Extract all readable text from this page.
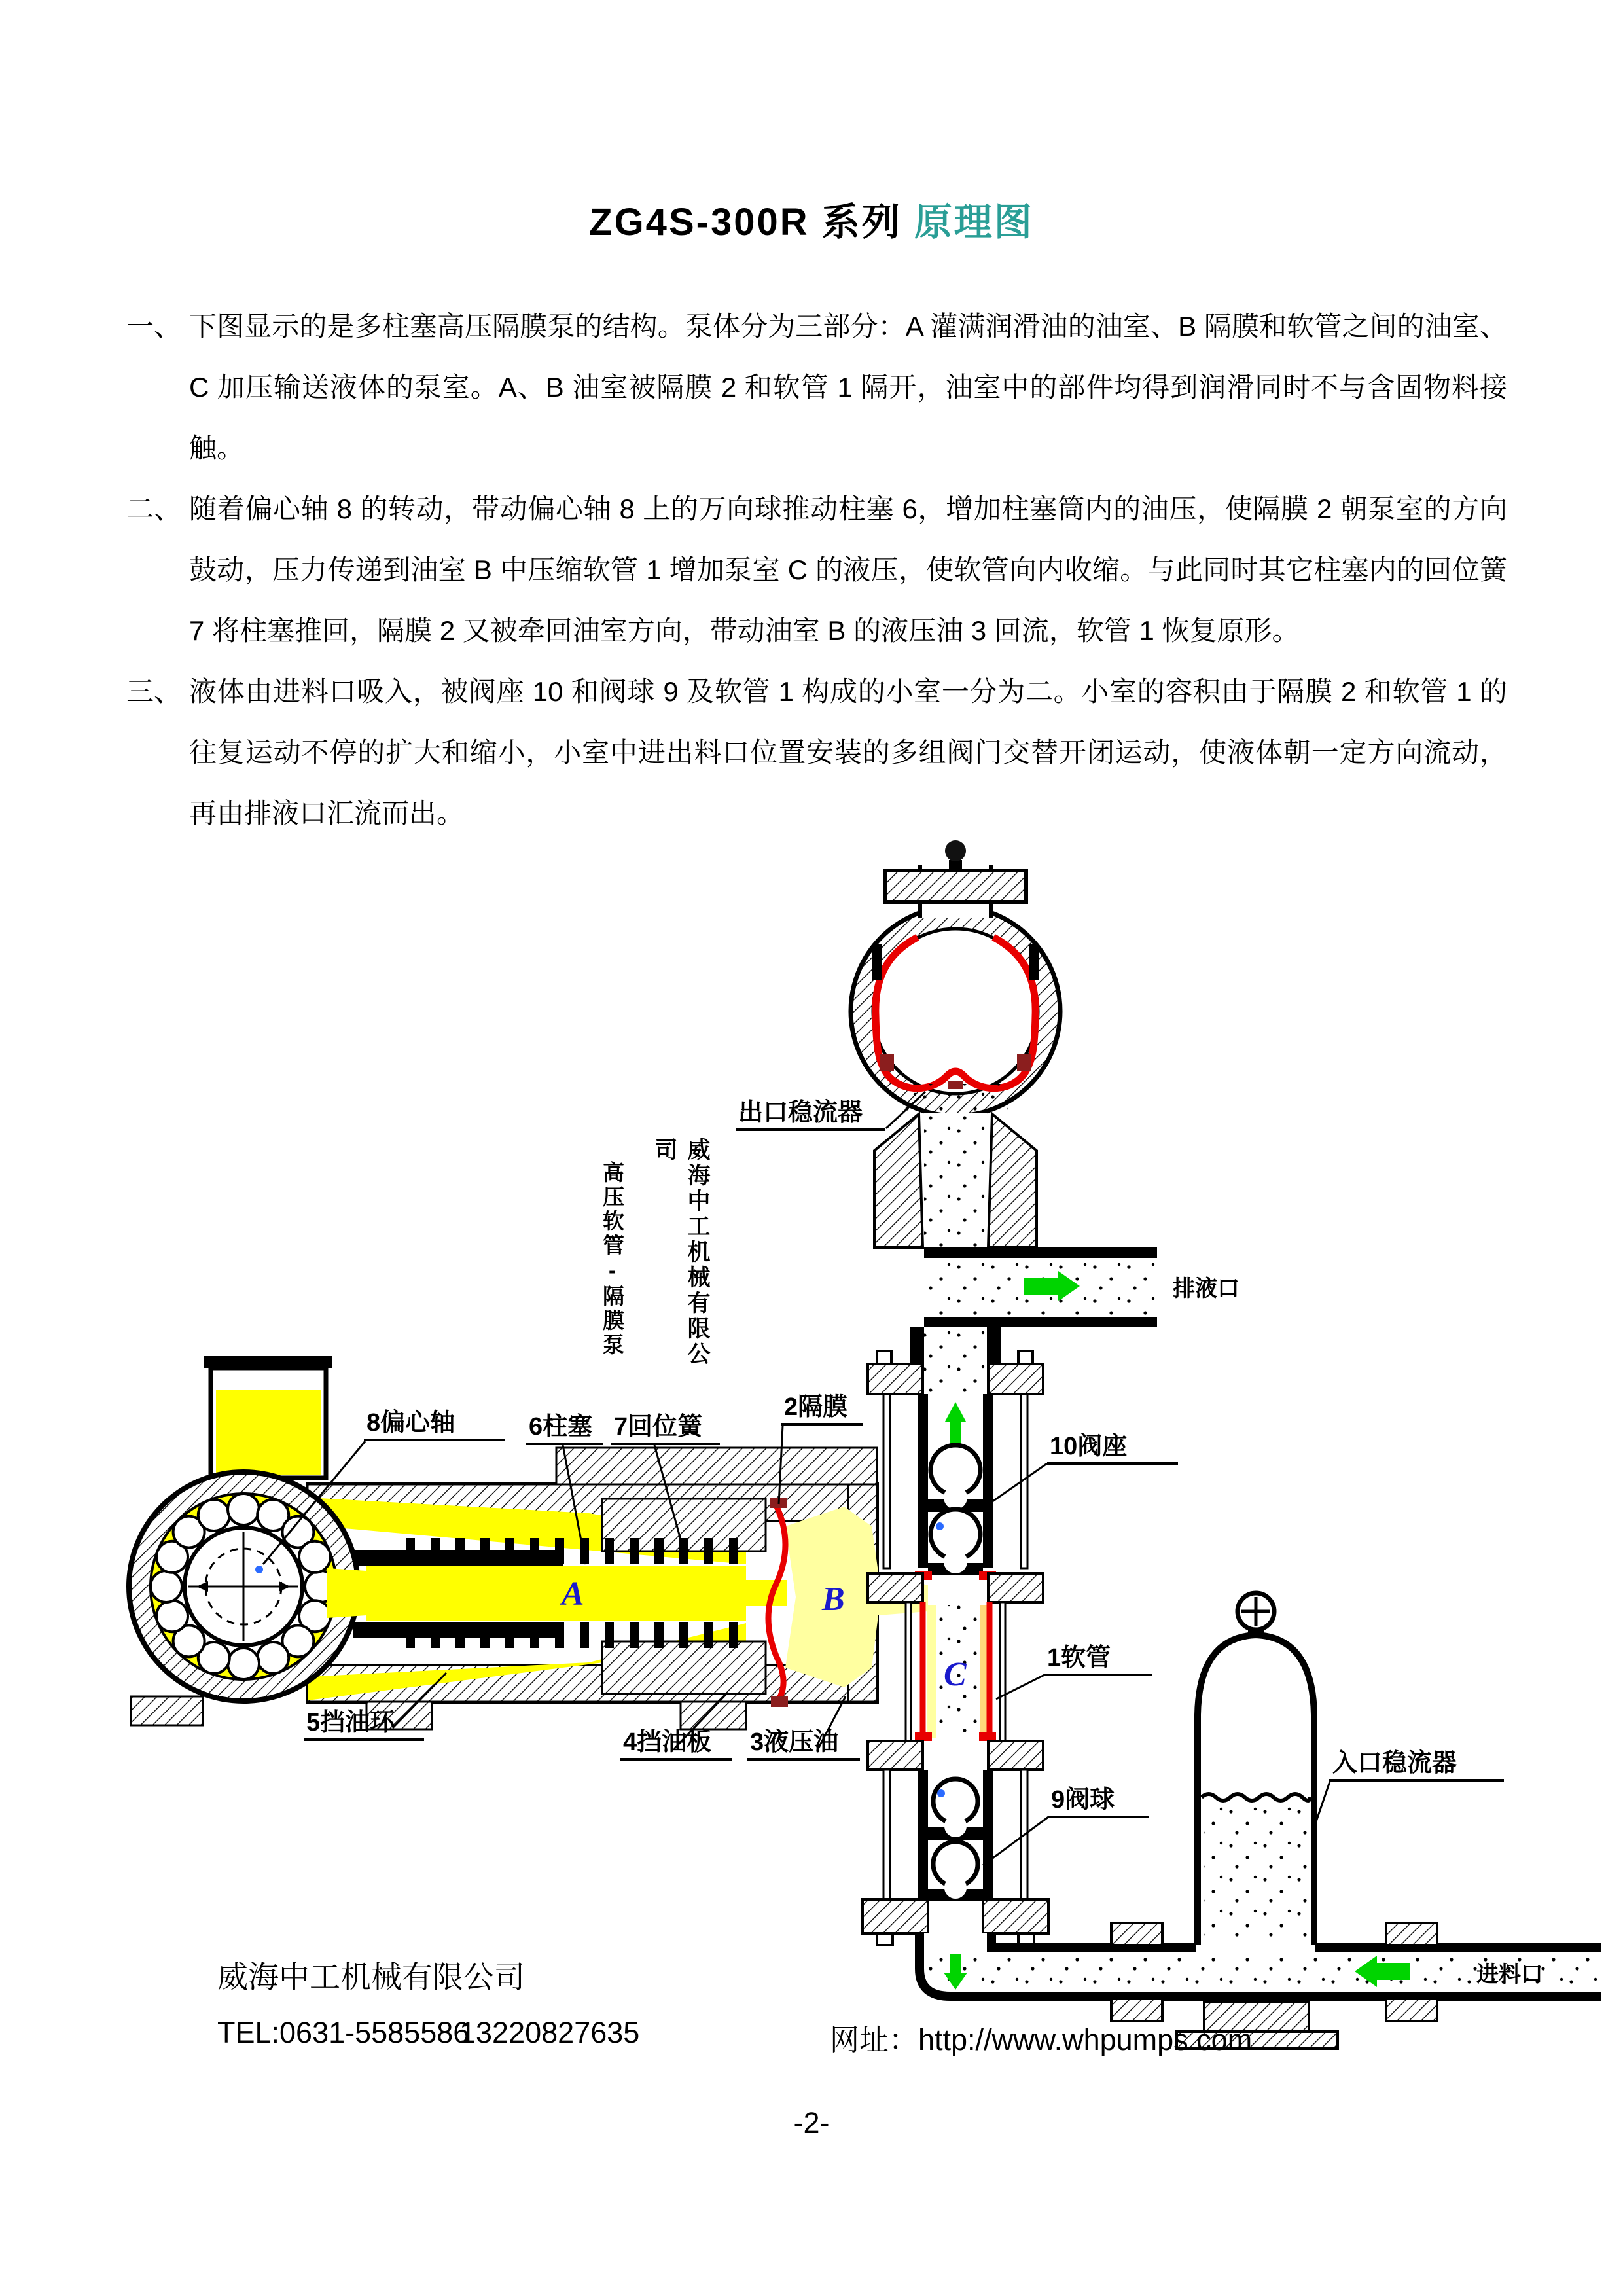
ZG4S-300R 系列 原理图
一、 下图显示的是多柱塞高压隔膜泵的结构。泵体分为三部分：A 灌满润滑油的油室、B 隔膜和软管之间的油室、C 加压输送液体的泵室。A、B 油室被隔膜 2 和软管 1 隔开，油室中的部件均得到润滑同时不与含固物料接触。
二、 随着偏心轴 8 的转动，带动偏心轴 8 上的万向球推动柱塞 6，增加柱塞筒内的油压，使隔膜 2 朝泵室的方向鼓动，压力传递到油室 B 中压缩软管 1 增加泵室 C 的液压，使软管向内收缩。与此同时其它柱塞内的回位簧 7 将柱塞推回，隔膜 2 又被牵回油室方向，带动油室 B 的液压油 3 回流，软管 1 恢复原形。
三、 液体由进料口吸入，被阀座 10 和阀球 9 及软管 1 构成的小室一分为二。小室的容积由于隔膜 2 和软管 1 的往复运动不停的扩大和缩小，小室中进出料口位置安装的多组阀门交替开闭运动，使液体朝一定方向流动，再由排液口汇流而出。
出口稳流器
8偏心轴	6柱塞 7回位簧
2隔膜
10阀座
1软管
9阀球
5挡油环
4挡油板 3液压油
入口稳流器
排液口
进料口
A	B
C
威海中工机械有限公司
高压软管-隔膜泵
威海中工机械有限公司
TEL:0631-5585586
13220827635	网址：http://www.whpumps.com
-2-
